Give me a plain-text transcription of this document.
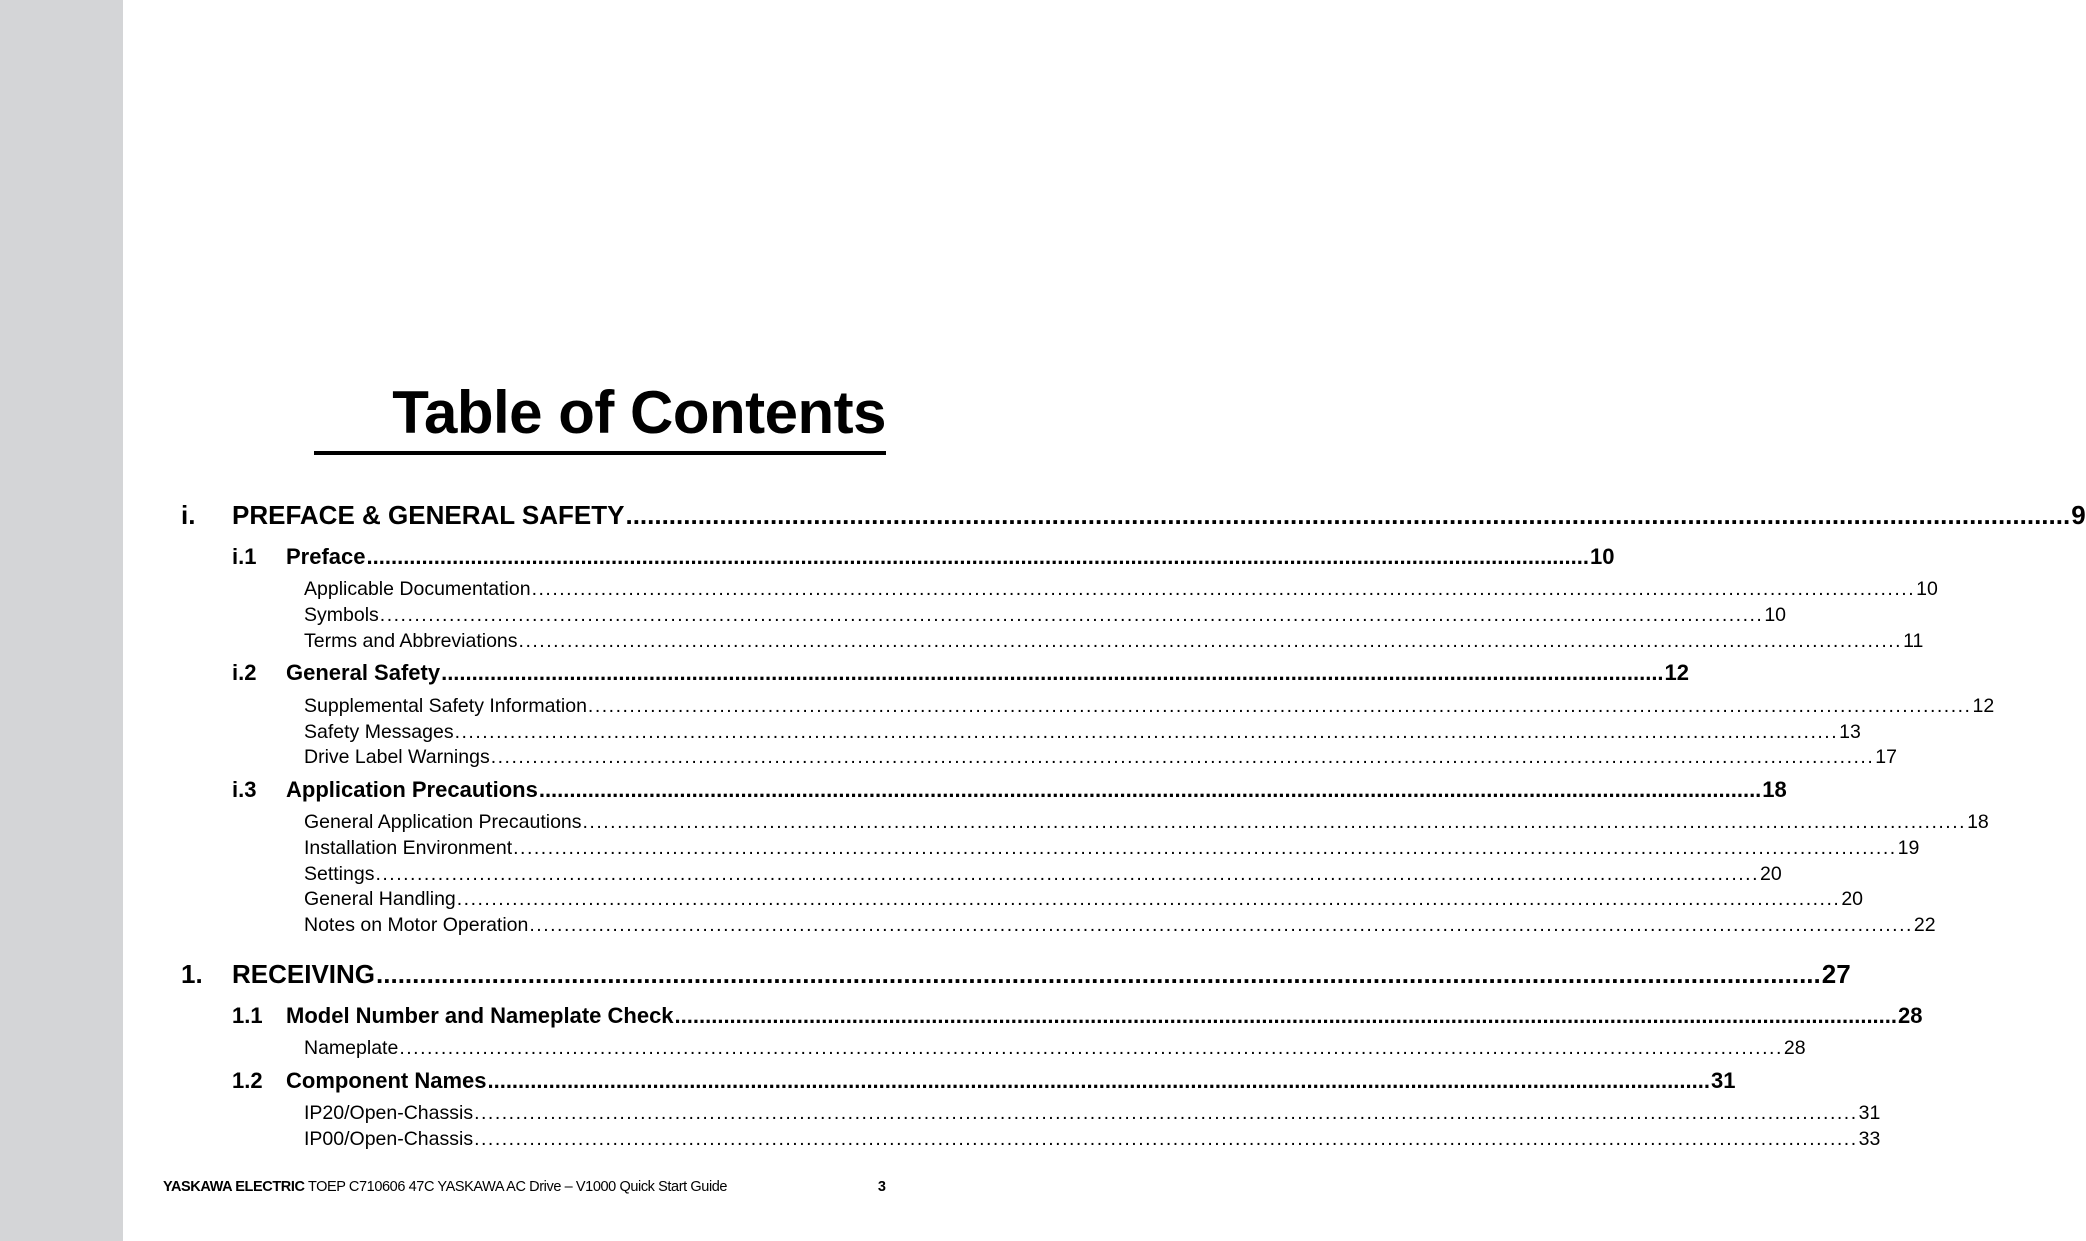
Table of Contents
i.	PREFACE & GENERAL SAFETY ........................................................................................................................................................................................................ 9
i.1	Preface ........................................................................................................................................................................................................ 10
Applicable Documentation ........................................................................................................................................................................................................ 10
Symbols ........................................................................................................................................................................................................ 10
Terms and Abbreviations ........................................................................................................................................................................................................ 11
i.2	General Safety ........................................................................................................................................................................................................ 12
Supplemental Safety Information ........................................................................................................................................................................................................ 12
Safety Messages ........................................................................................................................................................................................................ 13
Drive Label Warnings ........................................................................................................................................................................................................ 17
i.3	Application Precautions ........................................................................................................................................................................................................ 18
General Application Precautions ........................................................................................................................................................................................................ 18
Installation Environment ........................................................................................................................................................................................................ 19
Settings ........................................................................................................................................................................................................ 20
General Handling ........................................................................................................................................................................................................ 20
Notes on Motor Operation ........................................................................................................................................................................................................ 22
1.	RECEIVING ........................................................................................................................................................................................................ 27
1.1	Model Number and Nameplate Check ........................................................................................................................................................................................................ 28
Nameplate ........................................................................................................................................................................................................ 28
1.2	Component Names ........................................................................................................................................................................................................ 31
IP20/Open-Chassis ........................................................................................................................................................................................................ 31
IP00/Open-Chassis ........................................................................................................................................................................................................ 33
YASKAWA ELECTRIC TOEP C710606 47C YASKAWA AC Drive – V1000 Quick Start Guide	3
